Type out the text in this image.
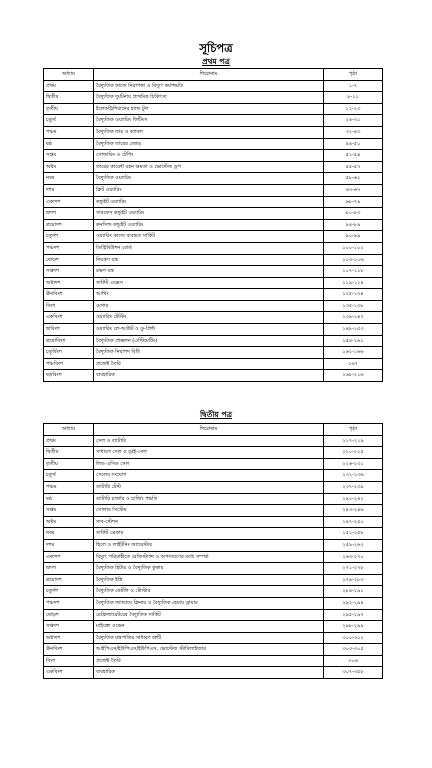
সূচিপত্র
প্রথম পত্র
অধ্যায়	শিরোনাম	পৃষ্ঠা
প্রথম	বৈদ্যুতিক কাজে নিরাপত্তা ও বিদ্যুৎ কর্মপদ্ধতি	১-৭
দ্বিতীয়	বৈদ্যুতিক দুর্ঘটনায় প্রাথমিক চিকিৎসা	৮-১১
তৃতীয়	ইলেকট্রিশিয়ানের হ্যান্ড টুল	১২-২৩
চতুর্থ	বৈদ্যুতিক ওয়্যারিং ফিটিংস	২৪-৩১
পঞ্চম	বৈদ্যুতিক তার ও ক্যাবল	৩২-৪৩
ষষ্ঠ	বৈদ্যুতিক তারের জোড়	৪৪-৫০
সপ্তম	সোল্ডারিং ও টেপিং	৫১-৫৪
অষ্টম	তারের কারেন্ট বহন ক্ষমতা ও ভোল্টেজ ড্রপ	৫৫-৫৭
নবম	বৈদ্যুতিক ওয়্যারিং	৫৮-৬২
দশম	ক্লিট ওয়্যারিং	৬৩-৬৭
একাদশ	কন্ডুইট ওয়্যারিং	৬৮-৭৯
দ্বাদশ	সারফেস কন্ডুইট ওয়্যারিং	৮০-৮৩
ত্রয়োদশ	কনসিল্ড কন্ডুইট ওয়্যারিং	৮৪-৮৯
চতুর্দশ	ওয়্যারিং কাজে ব্যবহৃত সার্কিট	৯০-৯৯
পঞ্চদশ	ডিস্ট্রিবিউশন বোর্ড	১০০-১০২
ষোড়শ	নিয়ন্ত্রণ যন্ত্র	১০৩-১০৬
সপ্তদশ	রক্ষণ যন্ত্র	১০৭-১১৮
অষ্টাদশ	সার্কিট এক্সেস	১১৯-১২৪
ঊনবিংশ	আর্থিং	১২৫-১৩৪
বিংশ	মেগার	১৩৫-১৩৮
একবিংশ	ওয়্যারিং টেস্টিং	১৩৯-১৪৭
দ্বাবিংশ	ওয়্যারিং লে-আউট ও ডু-প্রিন্ট	১৪৮-১৫৩
ত্রয়োবিংশ	বৈদ্যুতিক প্রাক্কলন (এস্টিমেটিং)	১৫৪-১৬১
চতুর্বিংশ	বৈদ্যুতিক নিরাপদ বিধি	১৬২-১৬৬
পঞ্চবিংশ	প্রজেক্ট তৈরি	১৬৭
ষড়বিংশ	ব্যবহারিক	১৬৮-২১৬
দ্বিতীয় পত্র
অধ্যায়	শিরোনাম	পৃষ্ঠা
প্রথম	সেল ও ব্যাটারি	২১৭-২১৯
দ্বিতীয়	সাধারণ সেল ও ড্রাই-সেল	২২০-২২৫
তৃতীয়	লিড এসিড সেল	২২৬-২৩১
চতুর্থ	সেলের সংযোগ	২৩২-২৩৬
পঞ্চম	ব্যাটারি টেস্ট	২৩৭-২৩৯
ষষ্ঠ	ব্যাটারি চার্জার ও চার্জিং পদ্ধতি	২৪০-২৪২
সপ্তম	সোলার সিস্টেম	২৪৩-২৪৬
অষ্টম	সাব-স্টেশন	২৪৭-২৫০
নবম	সার্কিট ব্রেকার	২৫১-২৫৮
দশম	হিলে ও লাইটনিং অ্যারেস্টার	২৫৯-২৬২
একাদশ	বিদ্যুৎ পরিবাহীতে রেজিস্ট্যান্স ও অপসারণের মধ্যে সম্পর্ক	২৬৩-২৭০
দ্বাদশ	বৈদ্যুতিক হিটার ও বৈদ্যুতিক কুকার	২৭১-২৭৮
ত্রয়োদশ	বৈদ্যুতিক ইস্ত্রি	২৭৯-২৮৩
চতুর্দশ	বৈদ্যুতিক কেটলি ও টোস্টার	২৮৪-২৯১
পঞ্চদশ	বৈদ্যুতিক ফ্যান্ডামে ক্লিনার ও বৈদ্যুতিক হেয়ার ড্রায়ার	২৯২-২৯৪
ষোড়শ	রেফ্রিজারেটরের বৈদ্যুতিক সার্কিট	২৯৫-২৯৭
সপ্তদশ	মাইক্রো ওভেন	২৯৮-২৯৯
অষ্টাদশ	বৈদ্যুতিক যন্ত্রপাতির সাধারণ ত্রুটি	৩০০-৩০২
ঊনবিংশ	আইপিএস/ইউপিএস/ইউপিএস, ভোল্টেজ স্টাবিলাইজার	৩০৩-৩০৫
বিংশ	প্রজেক্ট তৈরি	৩০৬
একবিংশ	ব্যবহারিক	৩০৭-৩৫৮
